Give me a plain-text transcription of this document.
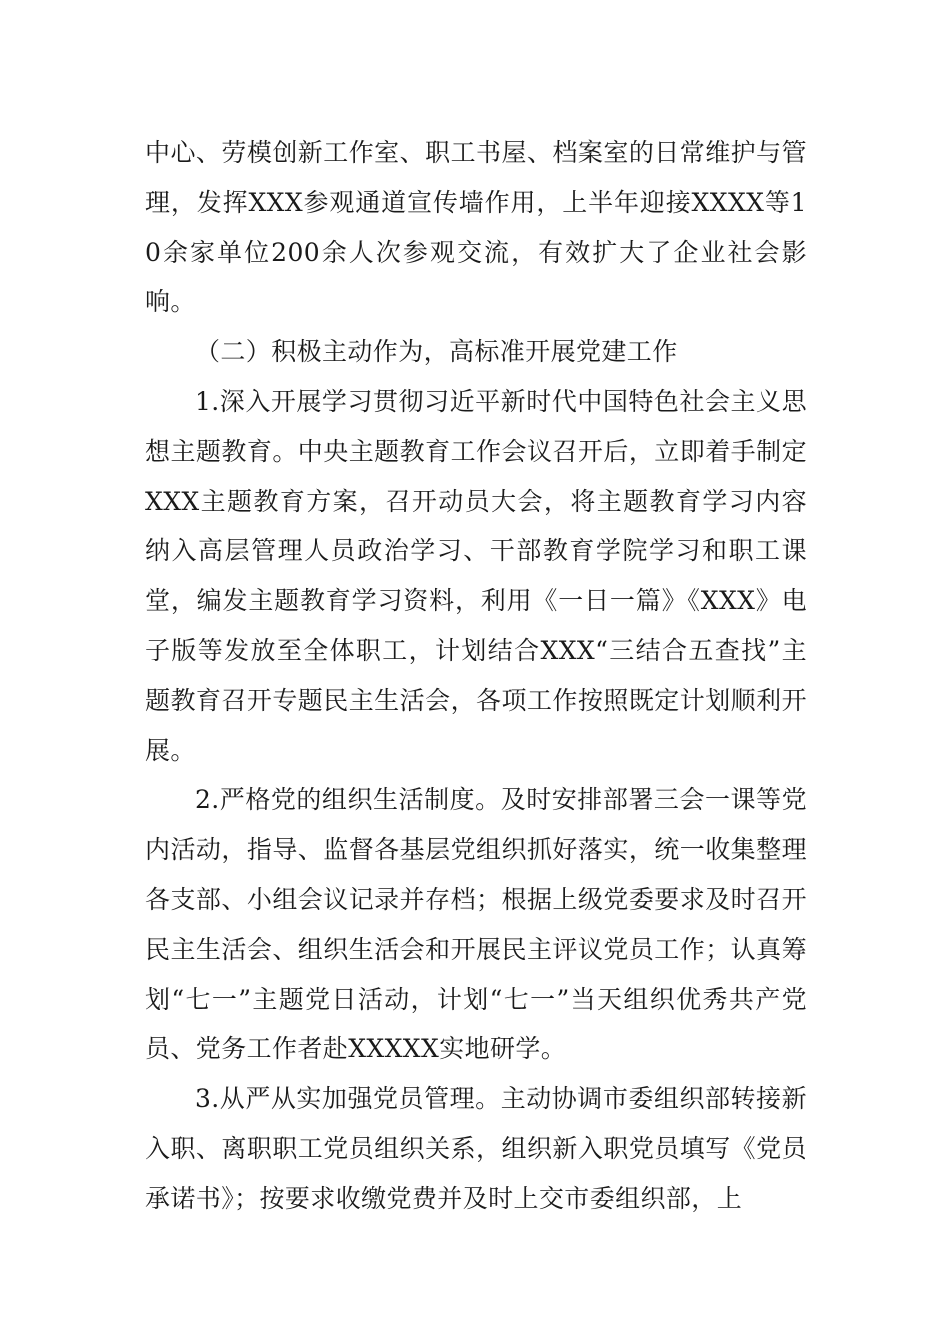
中心、劳模创新工作室、职工书屋、档案室的日常维护与管理，发挥XXX参观通道宣传墙作用，上半年迎接XXXX等10余家单位200余人次参观交流，有效扩大了企业社会影响。

（二）积极主动作为，高标准开展党建工作

1.深入开展学习贯彻习近平新时代中国特色社会主义思想主题教育。中央主题教育工作会议召开后，立即着手制定XXX主题教育方案，召开动员大会，将主题教育学习内容纳入高层管理人员政治学习、干部教育学院学习和职工课堂，编发主题教育学习资料，利用《一日一篇》《XXX》电子版等发放至全体职工，计划结合XXX“三结合五查找”主题教育召开专题民主生活会，各项工作按照既定计划顺利开展。

2.严格党的组织生活制度。及时安排部署三会一课等党内活动，指导、监督各基层党组织抓好落实，统一收集整理各支部、小组会议记录并存档；根据上级党委要求及时召开民主生活会、组织生活会和开展民主评议党员工作；认真筹划“七一”主题党日活动，计划“七一”当天组织优秀共产党员、党务工作者赴XXXXX实地研学。

3.从严从实加强党员管理。主动协调市委组织部转接新入职、离职职工党员组织关系，组织新入职党员填写《党员承诺书》；按要求收缴党费并及时上交市委组织部，上
